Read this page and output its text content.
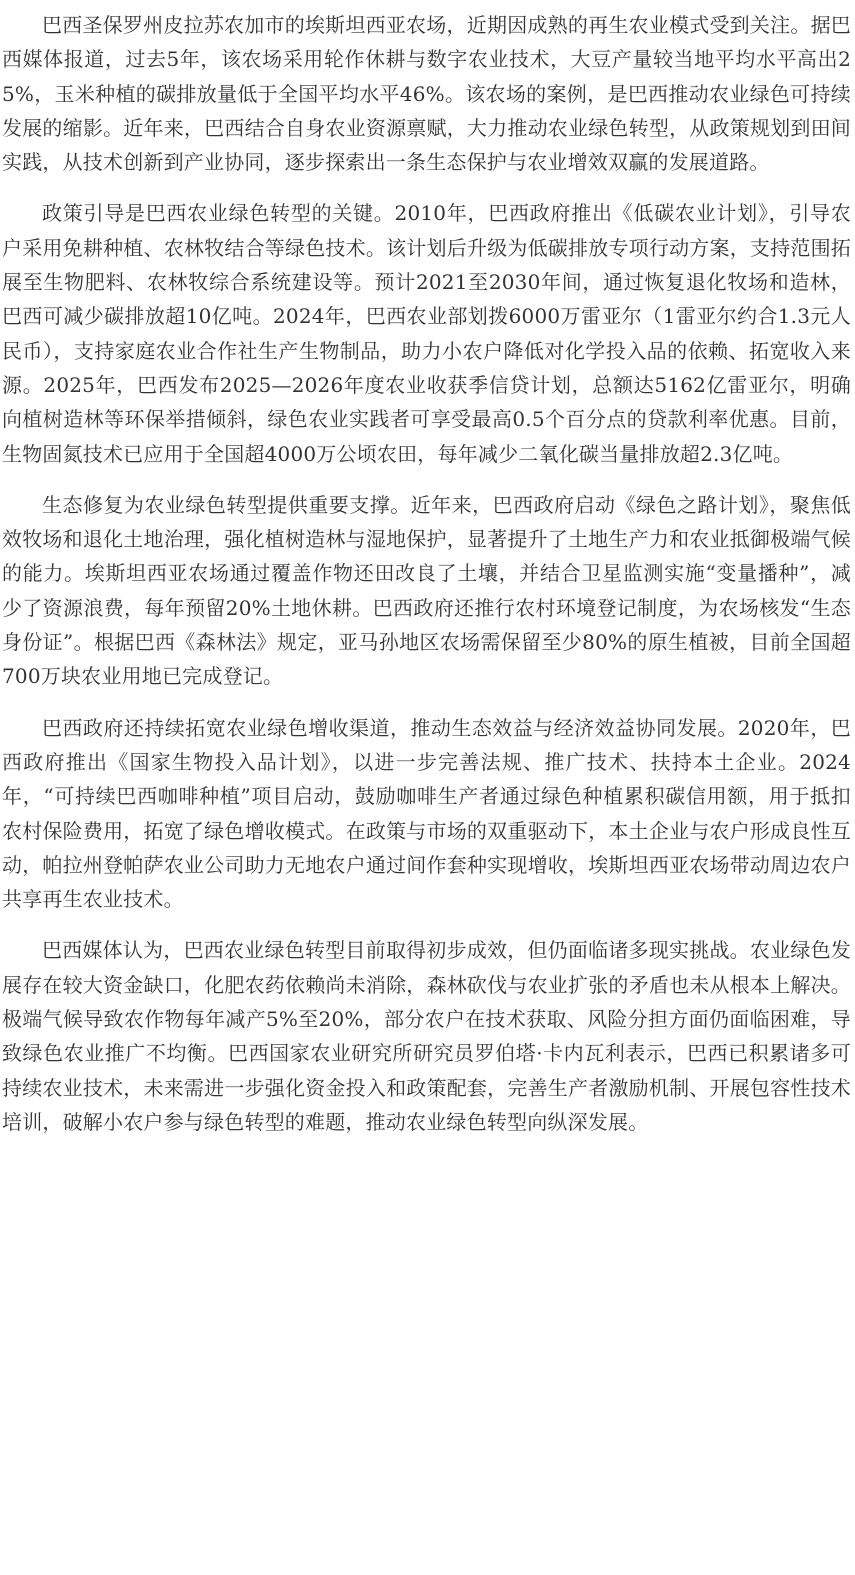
巴西圣保罗州皮拉苏农加市的埃斯坦西亚农场，近期因成熟的再生农业模式受到关注。据巴西媒体报道，过去5年，该农场采用轮作休耕与数字农业技术，大豆产量较当地平均水平高出25%，玉米种植的碳排放量低于全国平均水平46%。该农场的案例，是巴西推动农业绿色可持续发展的缩影。近年来，巴西结合自身农业资源禀赋，大力推动农业绿色转型，从政策规划到田间实践，从技术创新到产业协同，逐步探索出一条生态保护与农业增效双赢的发展道路。

政策引导是巴西农业绿色转型的关键。2010年，巴西政府推出《低碳农业计划》，引导农户采用免耕种植、农林牧结合等绿色技术。该计划后升级为低碳排放专项行动方案，支持范围拓展至生物肥料、农林牧综合系统建设等。预计2021至2030年间，通过恢复退化牧场和造林，巴西可减少碳排放超10亿吨。2024年，巴西农业部划拨6000万雷亚尔（1雷亚尔约合1.3元人民币），支持家庭农业合作社生产生物制品，助力小农户降低对化学投入品的依赖、拓宽收入来源。2025年，巴西发布2025—2026年度农业收获季信贷计划，总额达5162亿雷亚尔，明确向植树造林等环保举措倾斜，绿色农业实践者可享受最高0.5个百分点的贷款利率优惠。目前，生物固氮技术已应用于全国超4000万公顷农田，每年减少二氧化碳当量排放超2.3亿吨。

生态修复为农业绿色转型提供重要支撑。近年来，巴西政府启动《绿色之路计划》，聚焦低效牧场和退化土地治理，强化植树造林与湿地保护，显著提升了土地生产力和农业抵御极端气候的能力。埃斯坦西亚农场通过覆盖作物还田改良了土壤，并结合卫星监测实施“变量播种”，减少了资源浪费，每年预留20%土地休耕。巴西政府还推行农村环境登记制度，为农场核发“生态身份证”。根据巴西《森林法》规定，亚马孙地区农场需保留至少80%的原生植被，目前全国超700万块农业用地已完成登记。

巴西政府还持续拓宽农业绿色增收渠道，推动生态效益与经济效益协同发展。2020年，巴西政府推出《国家生物投入品计划》，以进一步完善法规、推广技术、扶持本土企业。2024年，“可持续巴西咖啡种植”项目启动，鼓励咖啡生产者通过绿色种植累积碳信用额，用于抵扣农村保险费用，拓宽了绿色增收模式。在政策与市场的双重驱动下，本土企业与农户形成良性互动，帕拉州登帕萨农业公司助力无地农户通过间作套种实现增收，埃斯坦西亚农场带动周边农户共享再生农业技术。

巴西媒体认为，巴西农业绿色转型目前取得初步成效，但仍面临诸多现实挑战。农业绿色发展存在较大资金缺口，化肥农药依赖尚未消除，森林砍伐与农业扩张的矛盾也未从根本上解决。极端气候导致农作物每年减产5%至20%，部分农户在技术获取、风险分担方面仍面临困难，导致绿色农业推广不均衡。巴西国家农业研究所研究员罗伯塔·卡内瓦利表示，巴西已积累诸多可持续农业技术，未来需进一步强化资金投入和政策配套，完善生产者激励机制、开展包容性技术培训，破解小农户参与绿色转型的难题，推动农业绿色转型向纵深发展。
